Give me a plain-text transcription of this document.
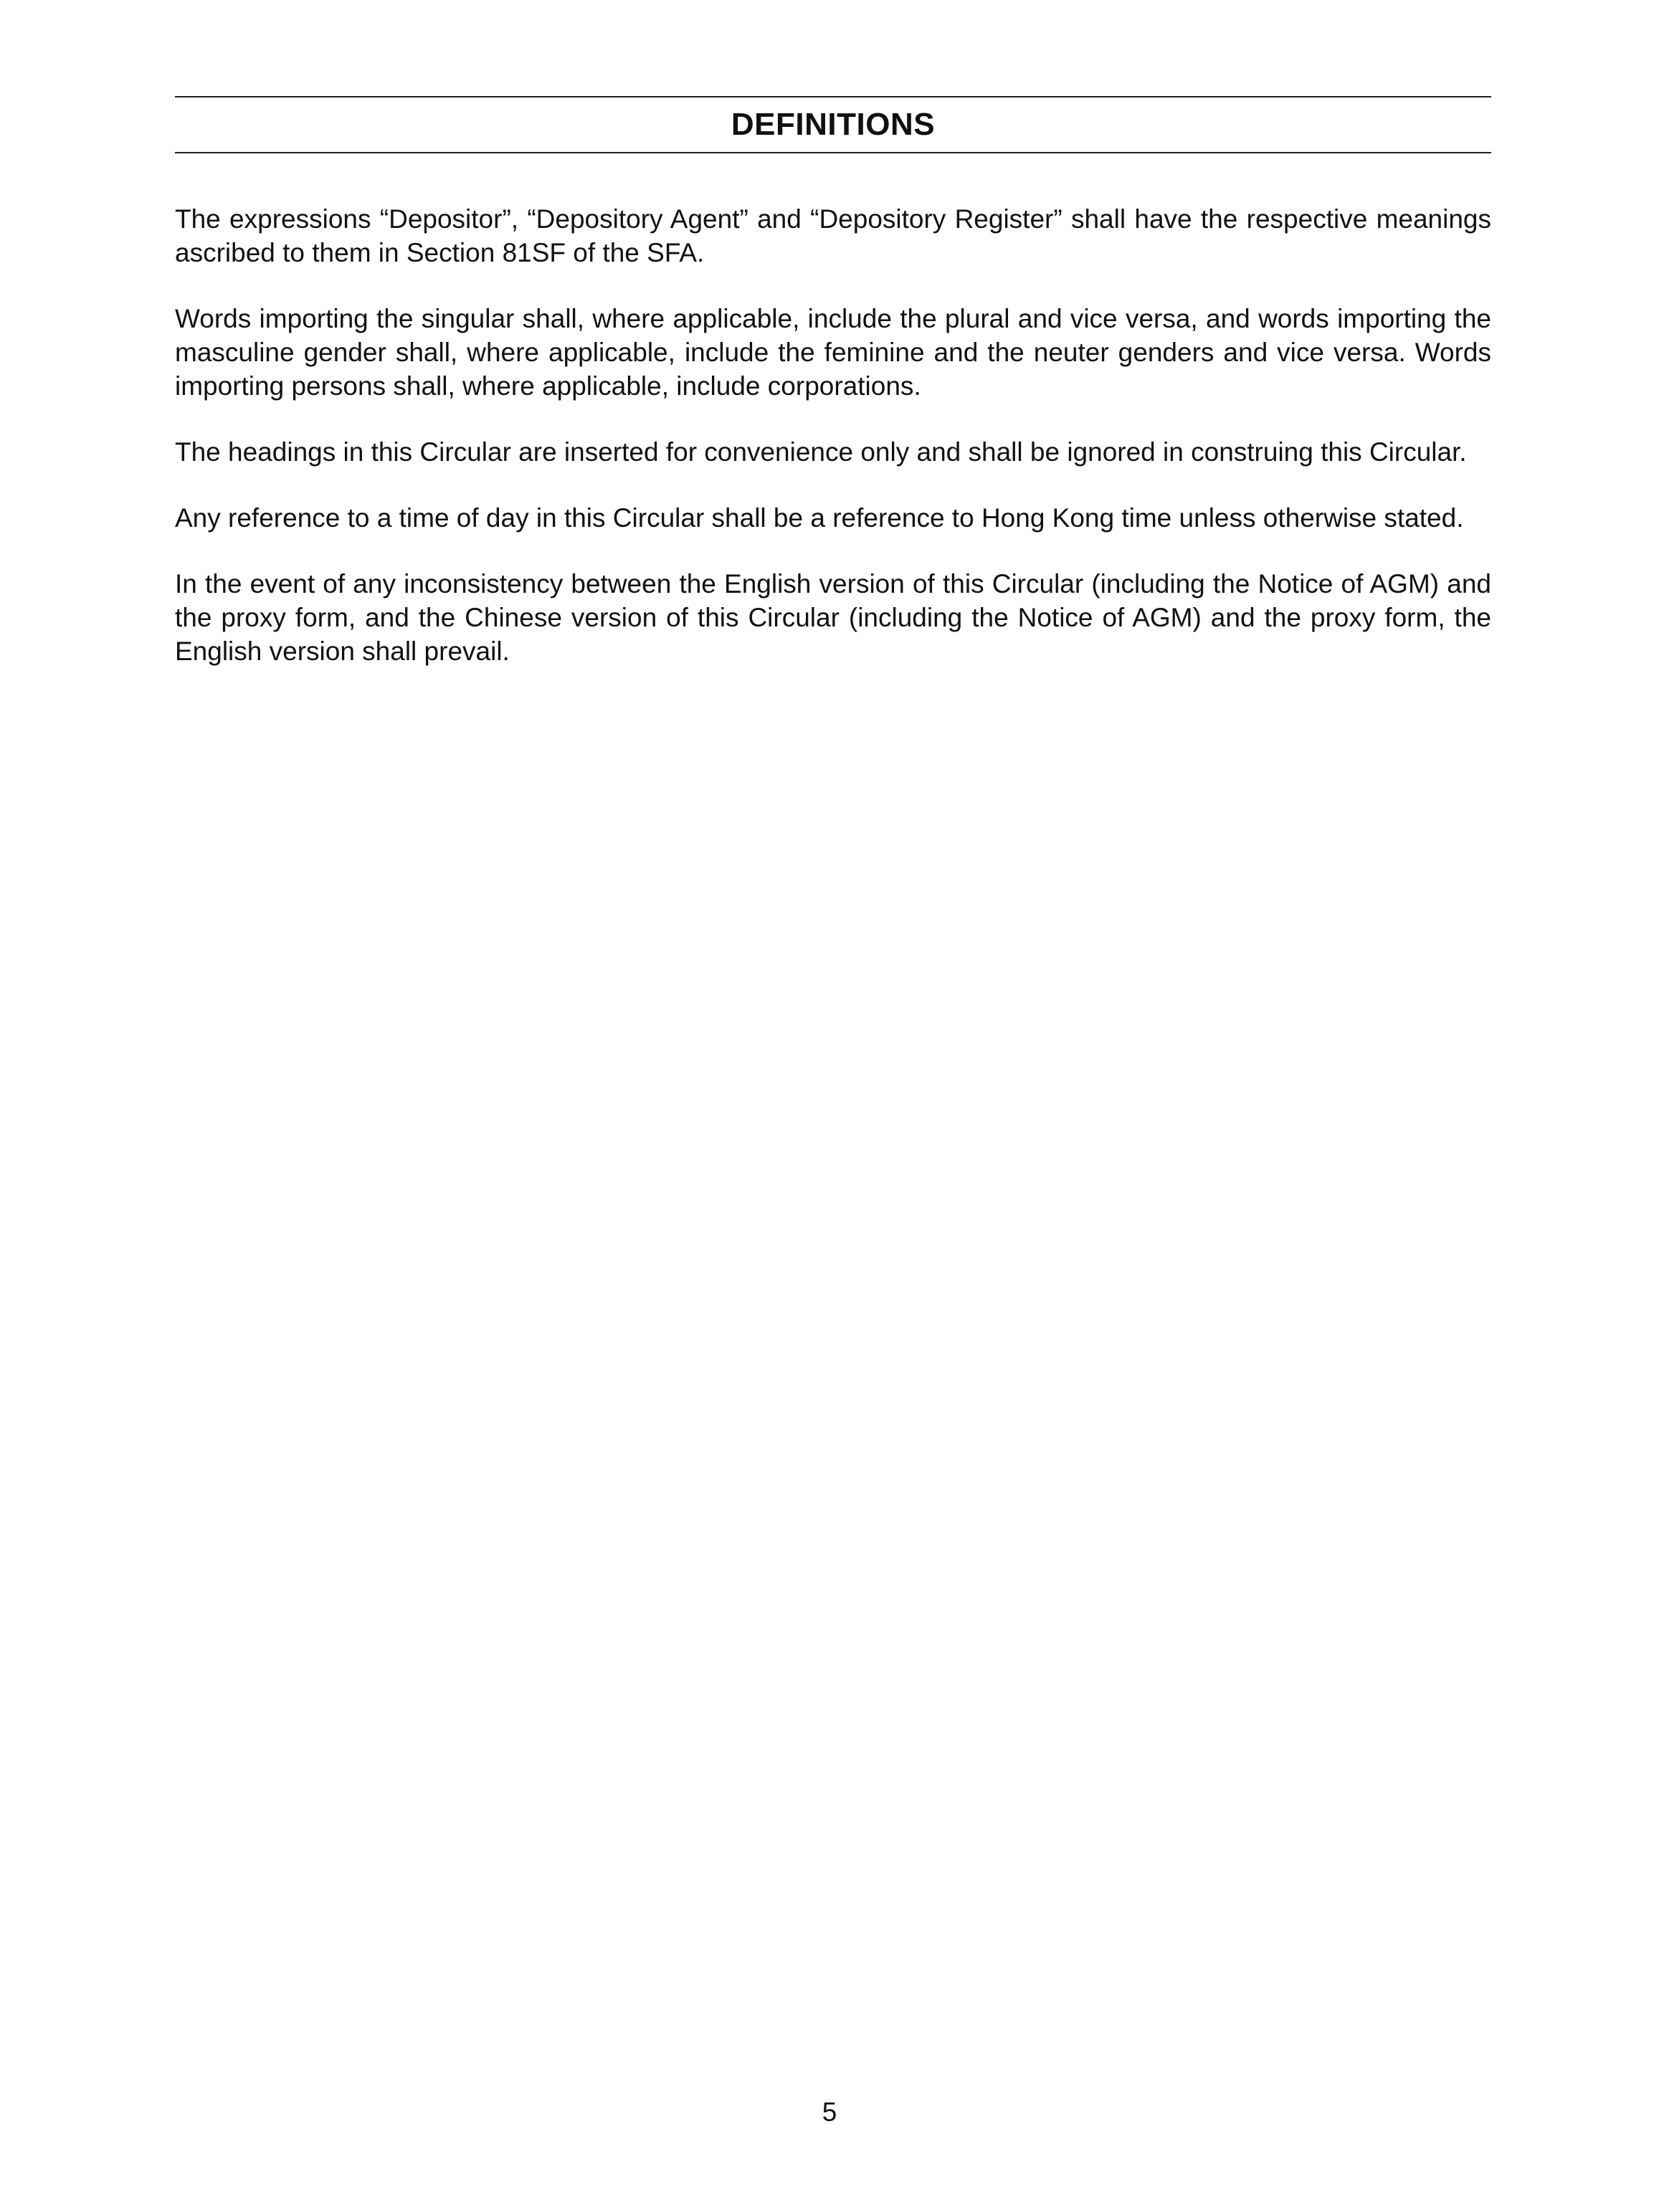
DEFINITIONS

The expressions “Depositor”, “Depository Agent” and “Depository Register” shall have the respective meanings ascribed to them in Section 81SF of the SFA.

Words importing the singular shall, where applicable, include the plural and vice versa, and words importing the masculine gender shall, where applicable, include the feminine and the neuter genders and vice versa. Words importing persons shall, where applicable, include corporations.

The headings in this Circular are inserted for convenience only and shall be ignored in construing this Circular.

Any reference to a time of day in this Circular shall be a reference to Hong Kong time unless otherwise stated.

In the event of any inconsistency between the English version of this Circular (including the Notice of AGM) and the proxy form, and the Chinese version of this Circular (including the Notice of AGM) and the proxy form, the English version shall prevail.

5
